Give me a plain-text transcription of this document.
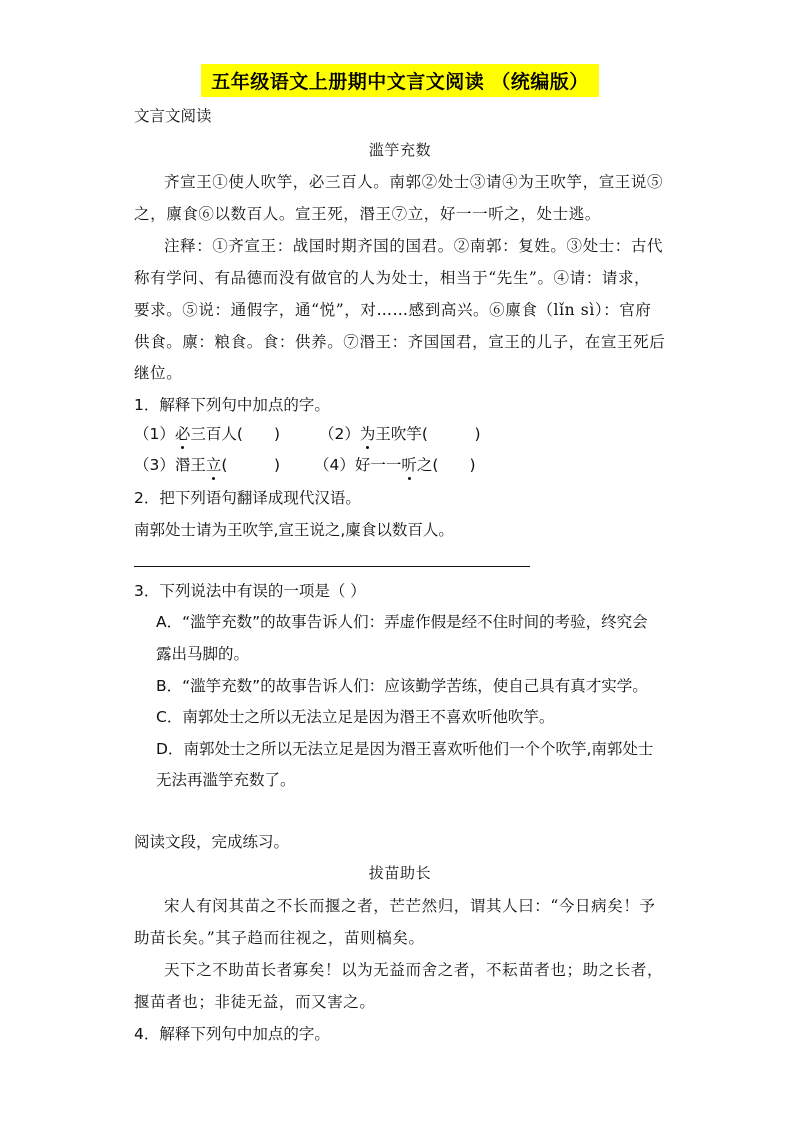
五年级语文上册期中文言文阅读 （统编版）
文言文阅读
滥竽充数
齐宣王①使人吹竽，必三百人。南郭②处士③请④为王吹竽，宣王说⑤
之，廪食⑥以数百人。宣王死，湣王⑦立，好一一听之，处士逃。
注释：①齐宣王：战国时期齐国的国君。②南郭：复姓。③处士：古代
称有学问、有品德而没有做官的人为处士，相当于“先生”。④请：请求，
要求。⑤说：通假字，通“悦”，对……感到高兴。⑥廪食（lǐn sì）：官府
供食。廪：粮食。食：供养。⑦湣王：齐国国君，宣王的儿子，在宣王死后
继位。
1．解释下列句中加点的字。
（1）必三百人(　　)	（2）为王吹竽(　　　)
（3）湣王立(　　　) （4）好一一听之(　　)
2．把下列语句翻译成现代汉语。
南郭处士请为王吹竽,宣王说之,廩食以数百人。
3．下列说法中有误的一项是（ ）
A．“滥竽充数”的故事告诉人们：弄虚作假是经不住时间的考验，终究会
露出马脚的。
B．“滥竽充数”的故事告诉人们：应该勤学苦练，使自己具有真才实学。
C．南郭处士之所以无法立足是因为湣王不喜欢听他吹竽。
D．南郭处士之所以无法立足是因为湣王喜欢听他们一个个吹竽,南郭处士
无法再滥竽充数了。
阅读文段，完成练习。
拔苗助长
宋人有闵其苗之不长而揠之者，芒芒然归，谓其人曰：“今日病矣！予
助苗长矣。”其子趋而往视之，苗则槁矣。
天下之不助苗长者寡矣！以为无益而舍之者，不耘苗者也；助之长者，
揠苗者也；非徒无益，而又害之。
4．解释下列句中加点的字。
